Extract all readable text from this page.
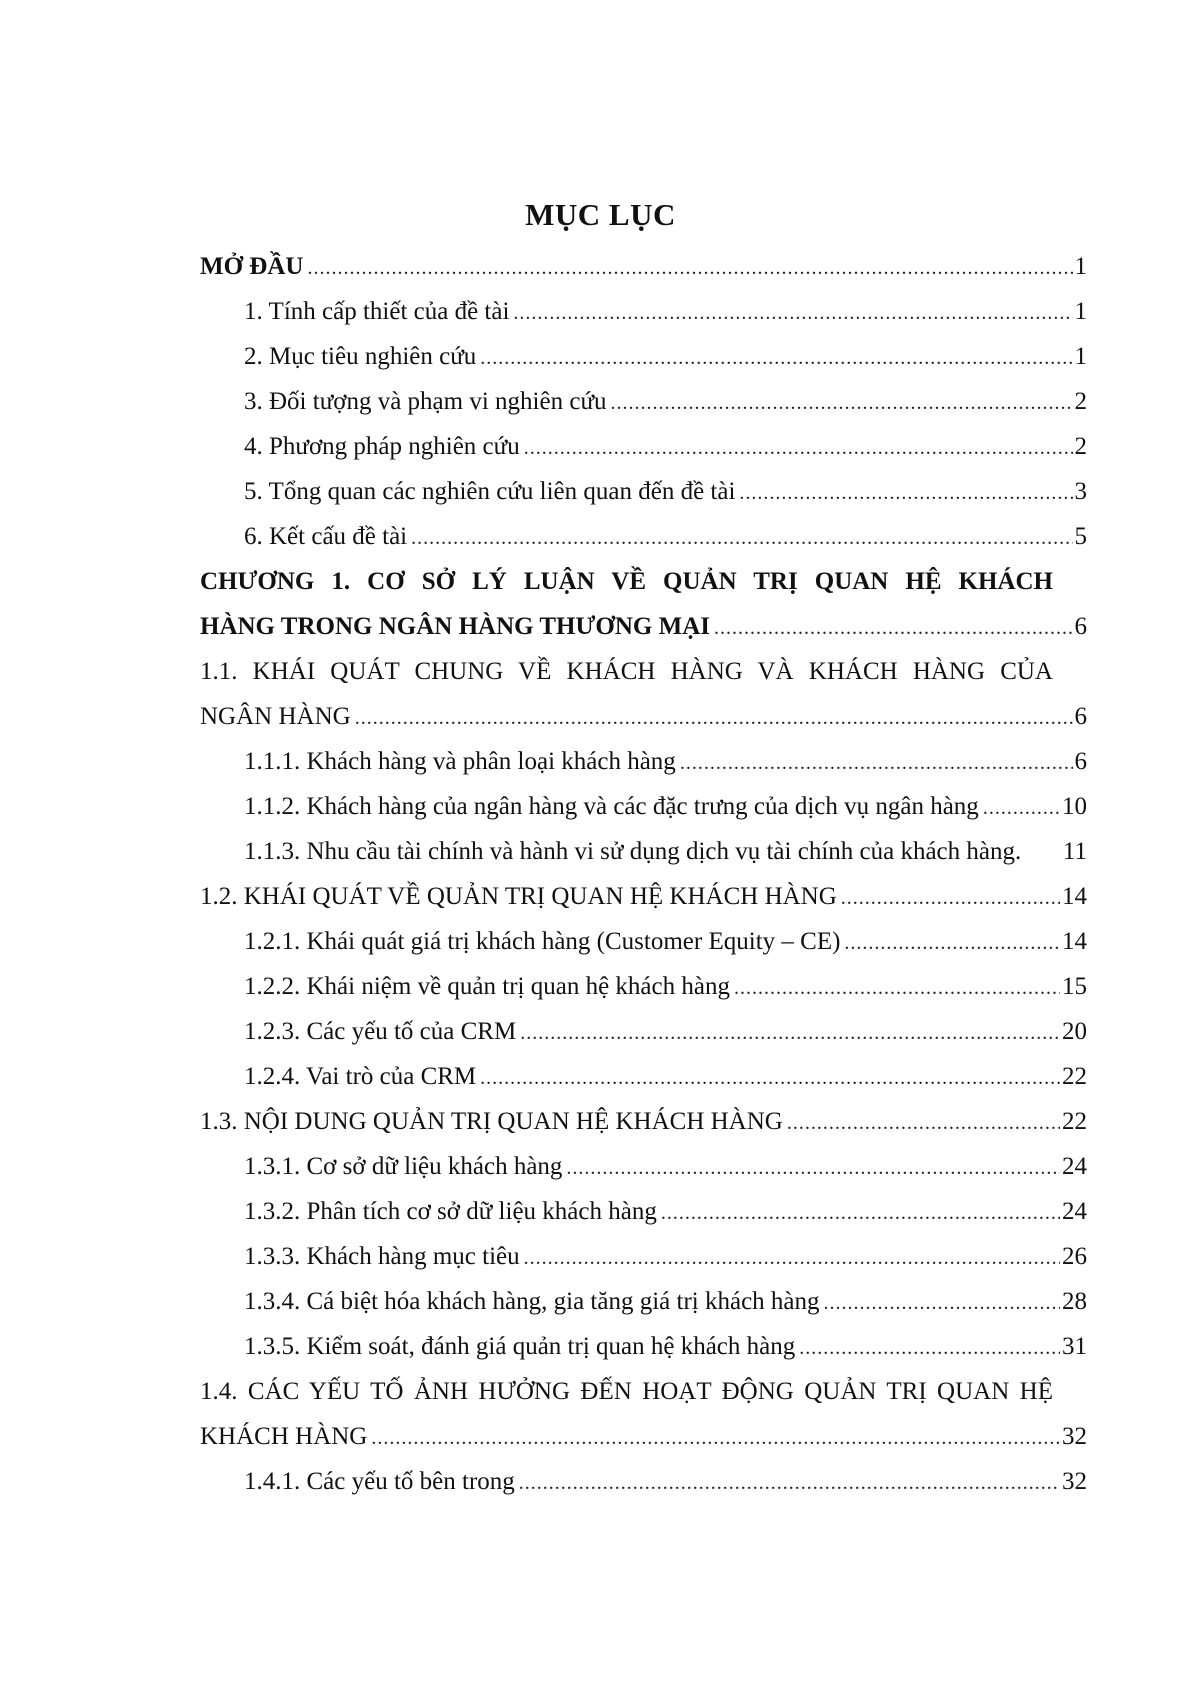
MỤC LỤC
MỞ ĐẦU .....	1
1. Tính cấp thiết của đề tài .....	1
2. Mục tiêu nghiên cứu .....	1
3. Đối tượng và phạm vi nghiên cứu .....	2
4. Phương pháp nghiên cứu .....	2
5. Tổng quan các nghiên cứu liên quan đến đề tài .....	3
6. Kết cấu đề tài .....	5
CHƯƠNG 1. CƠ SỞ LÝ LUẬN VỀ QUẢN TRỊ QUAN HỆ KHÁCH
HÀNG TRONG NGÂN HÀNG THƯƠNG MẠI .....	6
1.1. KHÁI QUÁT CHUNG VỀ KHÁCH HÀNG VÀ KHÁCH HÀNG CỦA
NGÂN HÀNG .....	6
1.1.1. Khách hàng và phân loại khách hàng .....	6
1.1.2. Khách hàng của ngân hàng và các đặc trưng của dịch vụ ngân hàng .....	10
1.1.3. Nhu cầu tài chính và hành vi sử dụng dịch vụ tài chính của khách hàng. 11
1.2. KHÁI QUÁT VỀ QUẢN TRỊ QUAN HỆ KHÁCH HÀNG .....	14
1.2.1. Khái quát giá trị khách hàng (Customer Equity – CE) .....	14
1.2.2. Khái niệm về quản trị quan hệ khách hàng .....	15
1.2.3. Các yếu tố của CRM .....	20
1.2.4. Vai trò của CRM .....	22
1.3. NỘI DUNG QUẢN TRỊ QUAN HỆ KHÁCH HÀNG .....	22
1.3.1. Cơ sở dữ liệu khách hàng .....	24
1.3.2. Phân tích cơ sở dữ liệu khách hàng .....	24
1.3.3. Khách hàng mục tiêu .....	26
1.3.4. Cá biệt hóa khách hàng, gia tăng giá trị khách hàng .....	28
1.3.5. Kiểm soát, đánh giá quản trị quan hệ khách hàng .....	31
1.4. CÁC YẾU TỐ ẢNH HƯỞNG ĐẾN HOẠT ĐỘNG QUẢN TRỊ QUAN HỆ
KHÁCH HÀNG .....	32
1.4.1. Các yếu tố bên trong .....	32
